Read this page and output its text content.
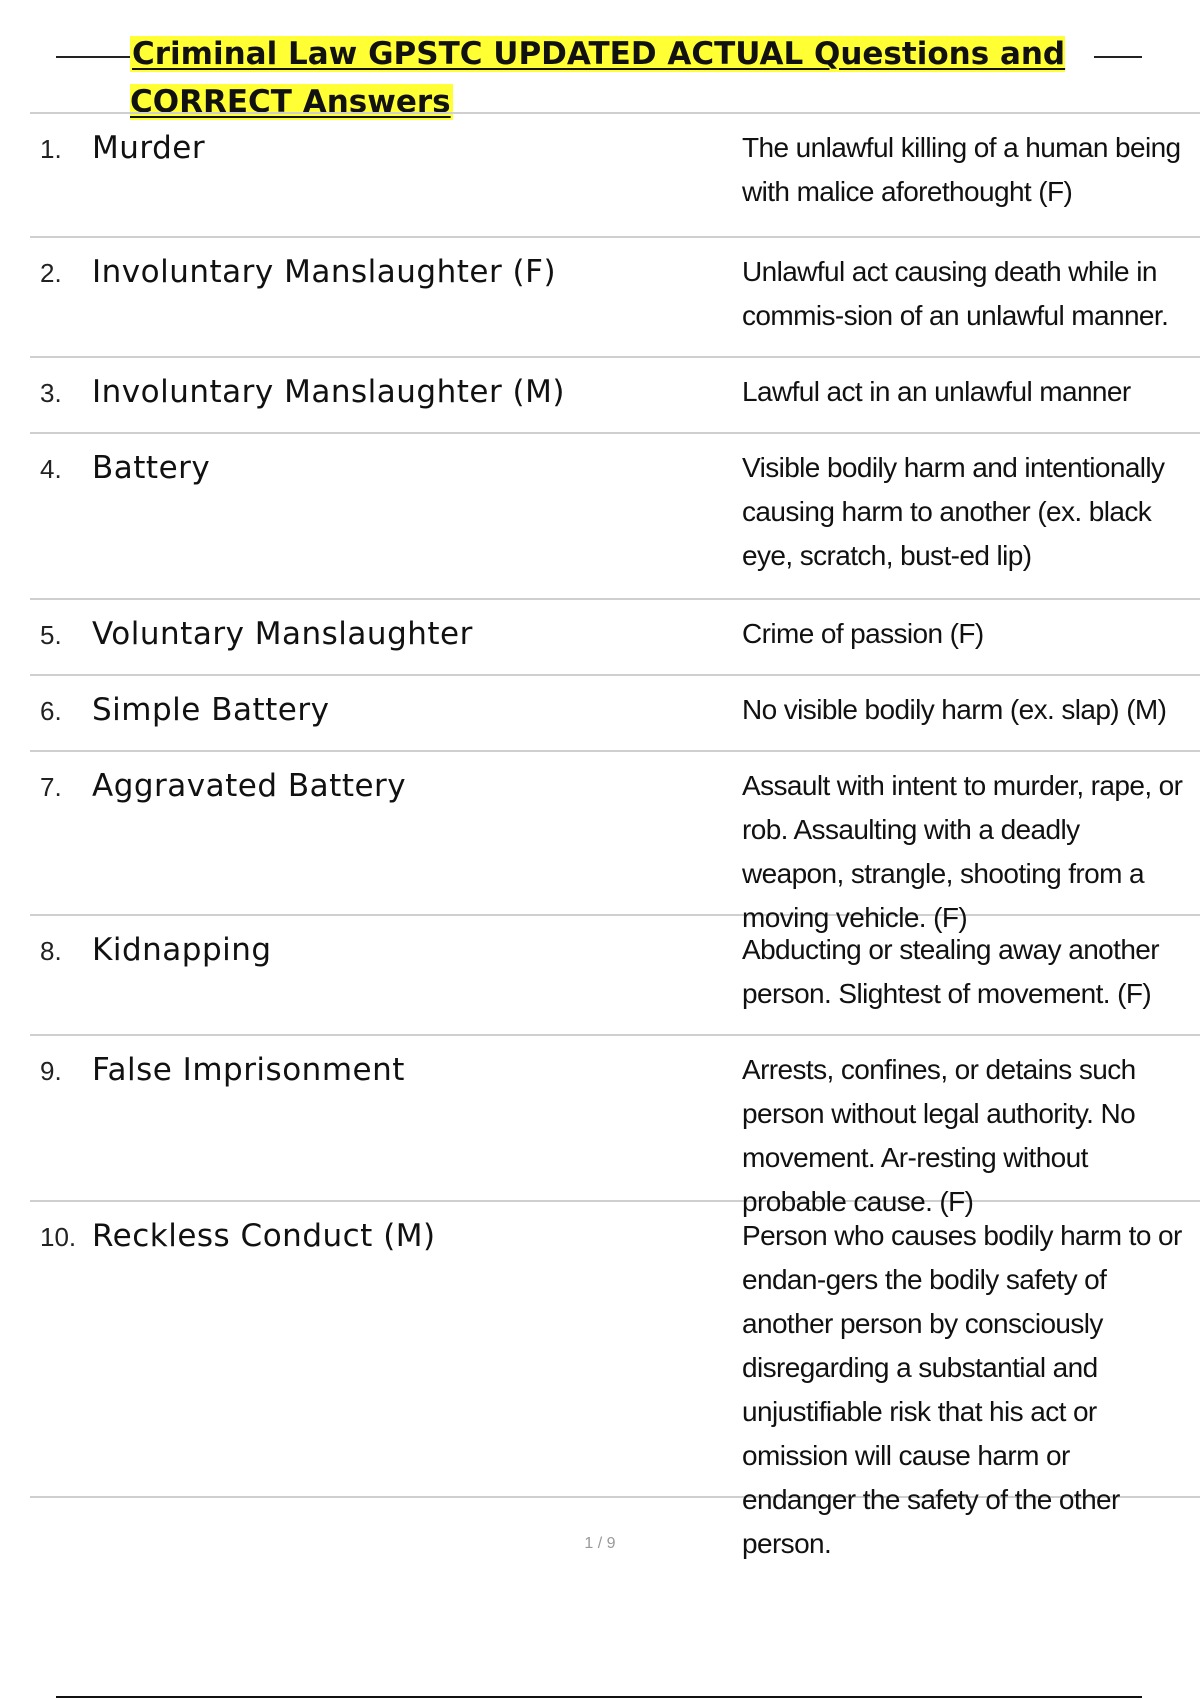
Criminal Law GPSTC UPDATED ACTUAL Questions and CORRECT Answers
1. Murder	The unlawful killing of a human being with malice aforethought (F)
2. Involuntary Manslaughter (F)	Unlawful act causing death while in commis-sion of an unlawful manner.
3. Involuntary Manslaughter (M)	Lawful act in an unlawful manner
4. Battery	Visible bodily harm and intentionally causing harm to another (ex. black eye, scratch, bust-ed lip)
5. Voluntary Manslaughter	Crime of passion (F)
6. Simple Battery	No visible bodily harm (ex. slap) (M)
7. Aggravated Battery	Assault with intent to murder, rape, or rob. Assaulting with a deadly weapon, strangle, shooting from a moving vehicle. (F)
8. Kidnapping	Abducting or stealing away another person. Slightest of movement. (F)
9. False Imprisonment	Arrests, confines, or detains such person without legal authority. No movement. Ar-resting without probable cause. (F)
10. Reckless Conduct (M)	Person who causes bodily harm to or endan-gers the bodily safety of another person by consciously disregarding a substantial and unjustifiable risk that his act or omission will cause harm or endanger the safety of the other person.
1 / 9
